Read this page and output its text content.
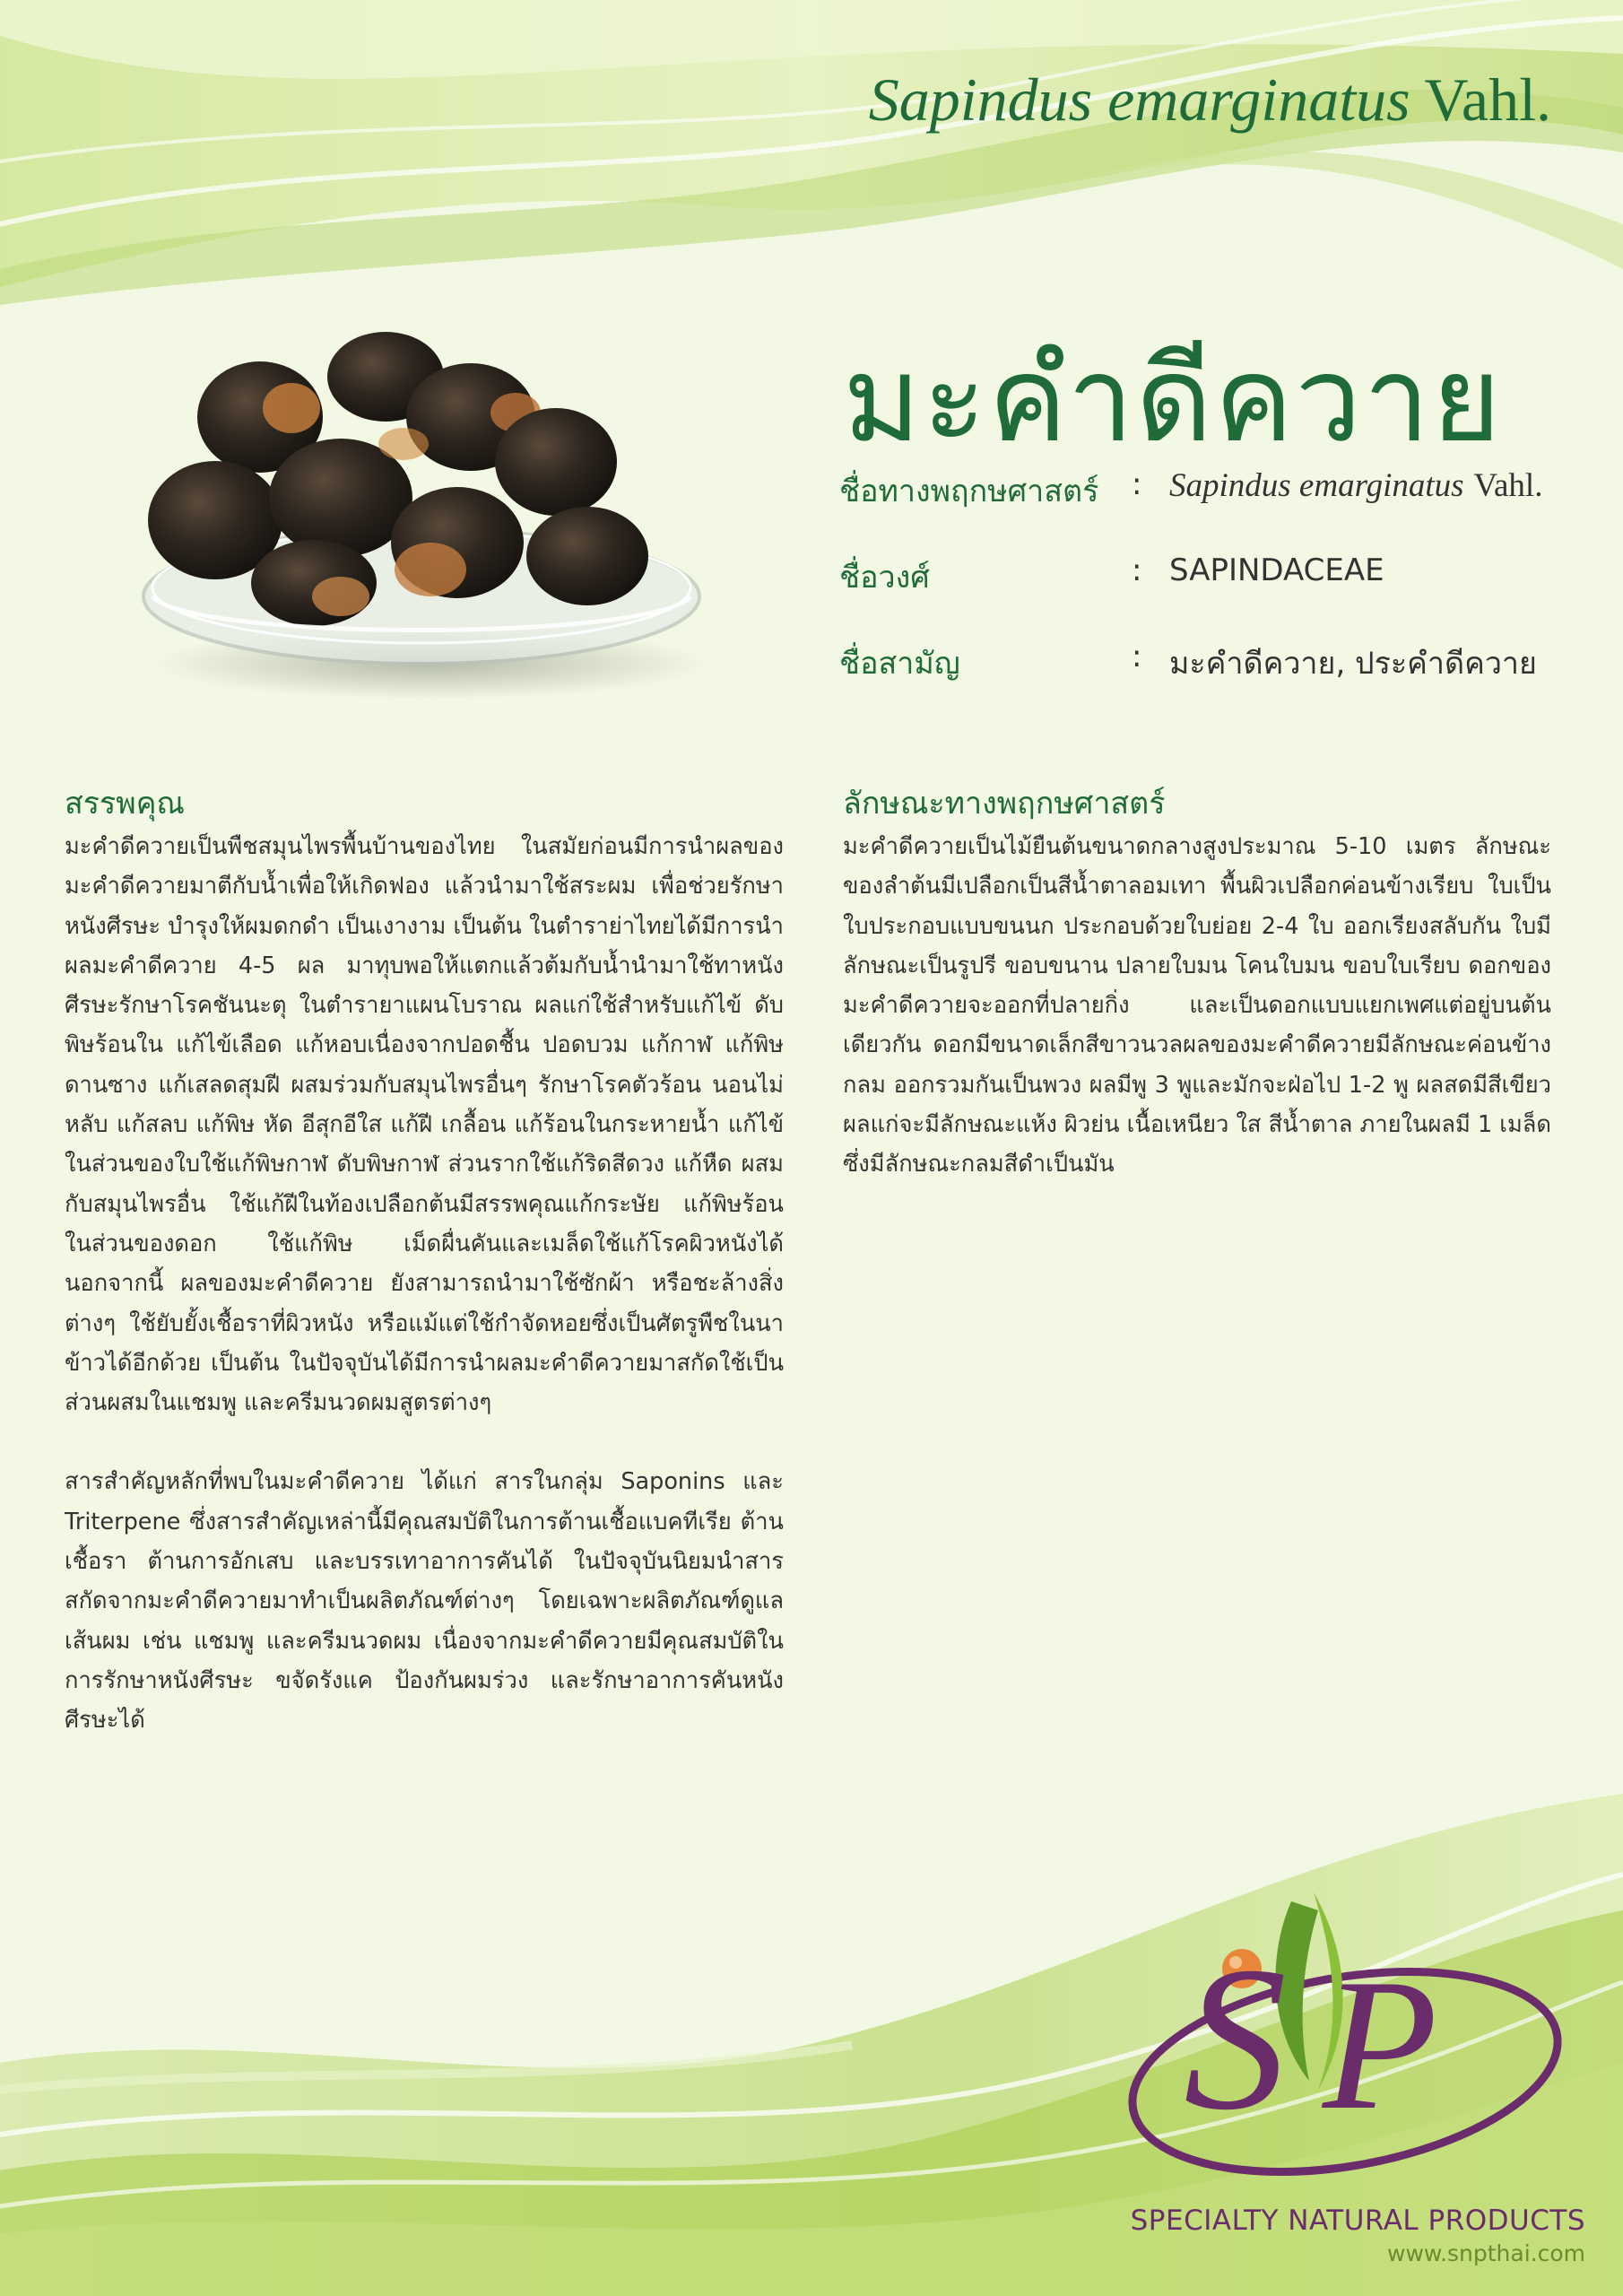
Sapindus emarginatus Vahl.
มะคำดีควาย
ชื่อทางพฤกษศาสตร์ : Sapindus emarginatus Vahl.
ชื่อวงศ์	: SAPINDACEAE
ชื่อสามัญ	: มะคำดีควาย, ประคำดีควาย
สรรพคุณ
มะคำดีควายเป็นพืชสมุนไพรพื้นบ้านของไทย ในสมัยก่อนมีการนำผลของมะคำดีควายมาตีกับน้ำเพื่อให้เกิดฟอง แล้วนำมาใช้สระผม เพื่อช่วยรักษาหนังศีรษะ บำรุงให้ผมดกดำ เป็นเงางาม เป็นต้น ในตำราย่าไทยได้มีการนำ ผลมะคำดีควาย 4-5 ผล มาทุบพอให้แตกแล้วต้มกับน้ำนำมาใช้ทาหนังศีรษะรักษาโรคชันนะตุ ในตำรายาแผนโบราณ ผลแก่ใช้สำหรับแก้ไข้ ดับพิษร้อนใน แก้ไข้เลือด แก้หอบเนื่องจากปอดชื้น ปอดบวม แก้กาฬ แก้พิษดานซาง แก้เสลดสุมฝี ผสมร่วมกับสมุนไพรอื่นๆ รักษาโรคตัวร้อน นอนไม่หลับ แก้สลบ แก้พิษ หัด อีสุกอีใส แก้ฝี เกลื้อน แก้ร้อนในกระหายน้ำ แก้ไข้ ในส่วนของใบใช้แก้พิษกาฬ ดับพิษกาฬ ส่วนรากใช้แก้ริดสีดวง แก้หืด ผสมกับสมุนไพรอื่น ใช้แก้ฝีในท้องเปลือกต้นมีสรรพคุณแก้กระษัย แก้พิษร้อน ในส่วนของดอก ใช้แก้พิษ เม็ดผื่นคันและเมล็ดใช้แก้โรคผิวหนังได้ นอกจากนี้ ผลของมะคำดีควาย ยังสามารถนำมาใช้ซักผ้า หรือชะล้างสิ่งต่างๆ ใช้ยับยั้งเชื้อราที่ผิวหนัง หรือแม้แต่ใช้กำจัดหอยซึ่งเป็นศัตรูพืชในนาข้าวได้อีกด้วย เป็นต้น ในปัจจุบันได้มีการนำผลมะคำดีควายมาสกัดใช้เป็นส่วนผสมในแชมพู และครีมนวดผมสูตรต่างๆ
สารสำคัญหลักที่พบในมะคำดีควาย ได้แก่ สารในกลุ่ม Saponins และ Triterpene ซึ่งสารสำคัญเหล่านี้มีคุณสมบัติในการต้านเชื้อแบคทีเรีย ต้านเชื้อรา ต้านการอักเสบ และบรรเทาอาการคันได้ ในปัจจุบันนิยมนำสารสกัดจากมะคำดีควายมาทำเป็นผลิตภัณฑ์ต่างๆ โดยเฉพาะผลิตภัณฑ์ดูแลเส้นผม เช่น แชมพู และครีมนวดผม เนื่องจากมะคำดีควายมีคุณสมบัติในการรักษาหนังศีรษะ ขจัดรังแค ป้องกันผมร่วง และรักษาอาการคันหนังศีรษะได้
ลักษณะทางพฤกษศาสตร์
มะคำดีควายเป็นไม้ยืนต้นขนาดกลางสูงประมาณ 5-10 เมตร ลักษณะของลำต้นมีเปลือกเป็นสีน้ำตาลอมเทา พื้นผิวเปลือกค่อนข้างเรียบ ใบเป็นใบประกอบแบบขนนก ประกอบด้วยใบย่อย 2-4 ใบ ออกเรียงสลับกัน ใบมีลักษณะเป็นรูปรี ขอบขนาน ปลายใบมน โคนใบมน ขอบใบเรียบ ดอกของมะคำดีควายจะออกที่ปลายกิ่ง และเป็นดอกแบบแยกเพศแต่อยู่บนต้นเดียวกัน ดอกมีขนาดเล็กสีขาวนวลผลของมะคำดีควายมีลักษณะค่อนข้างกลม ออกรวมกันเป็นพวง ผลมีพู 3 พูและมักจะฝ่อไป 1-2 พู ผลสดมีสีเขียว ผลแก่จะมีลักษณะแห้ง ผิวย่น เนื้อเหนียว ใส สีน้ำตาล ภายในผลมี 1 เมล็ด ซึ่งมีลักษณะกลมสีดำเป็นมัน
S P
SPECIALTY NATURAL PRODUCTS
www.snpthai.com
